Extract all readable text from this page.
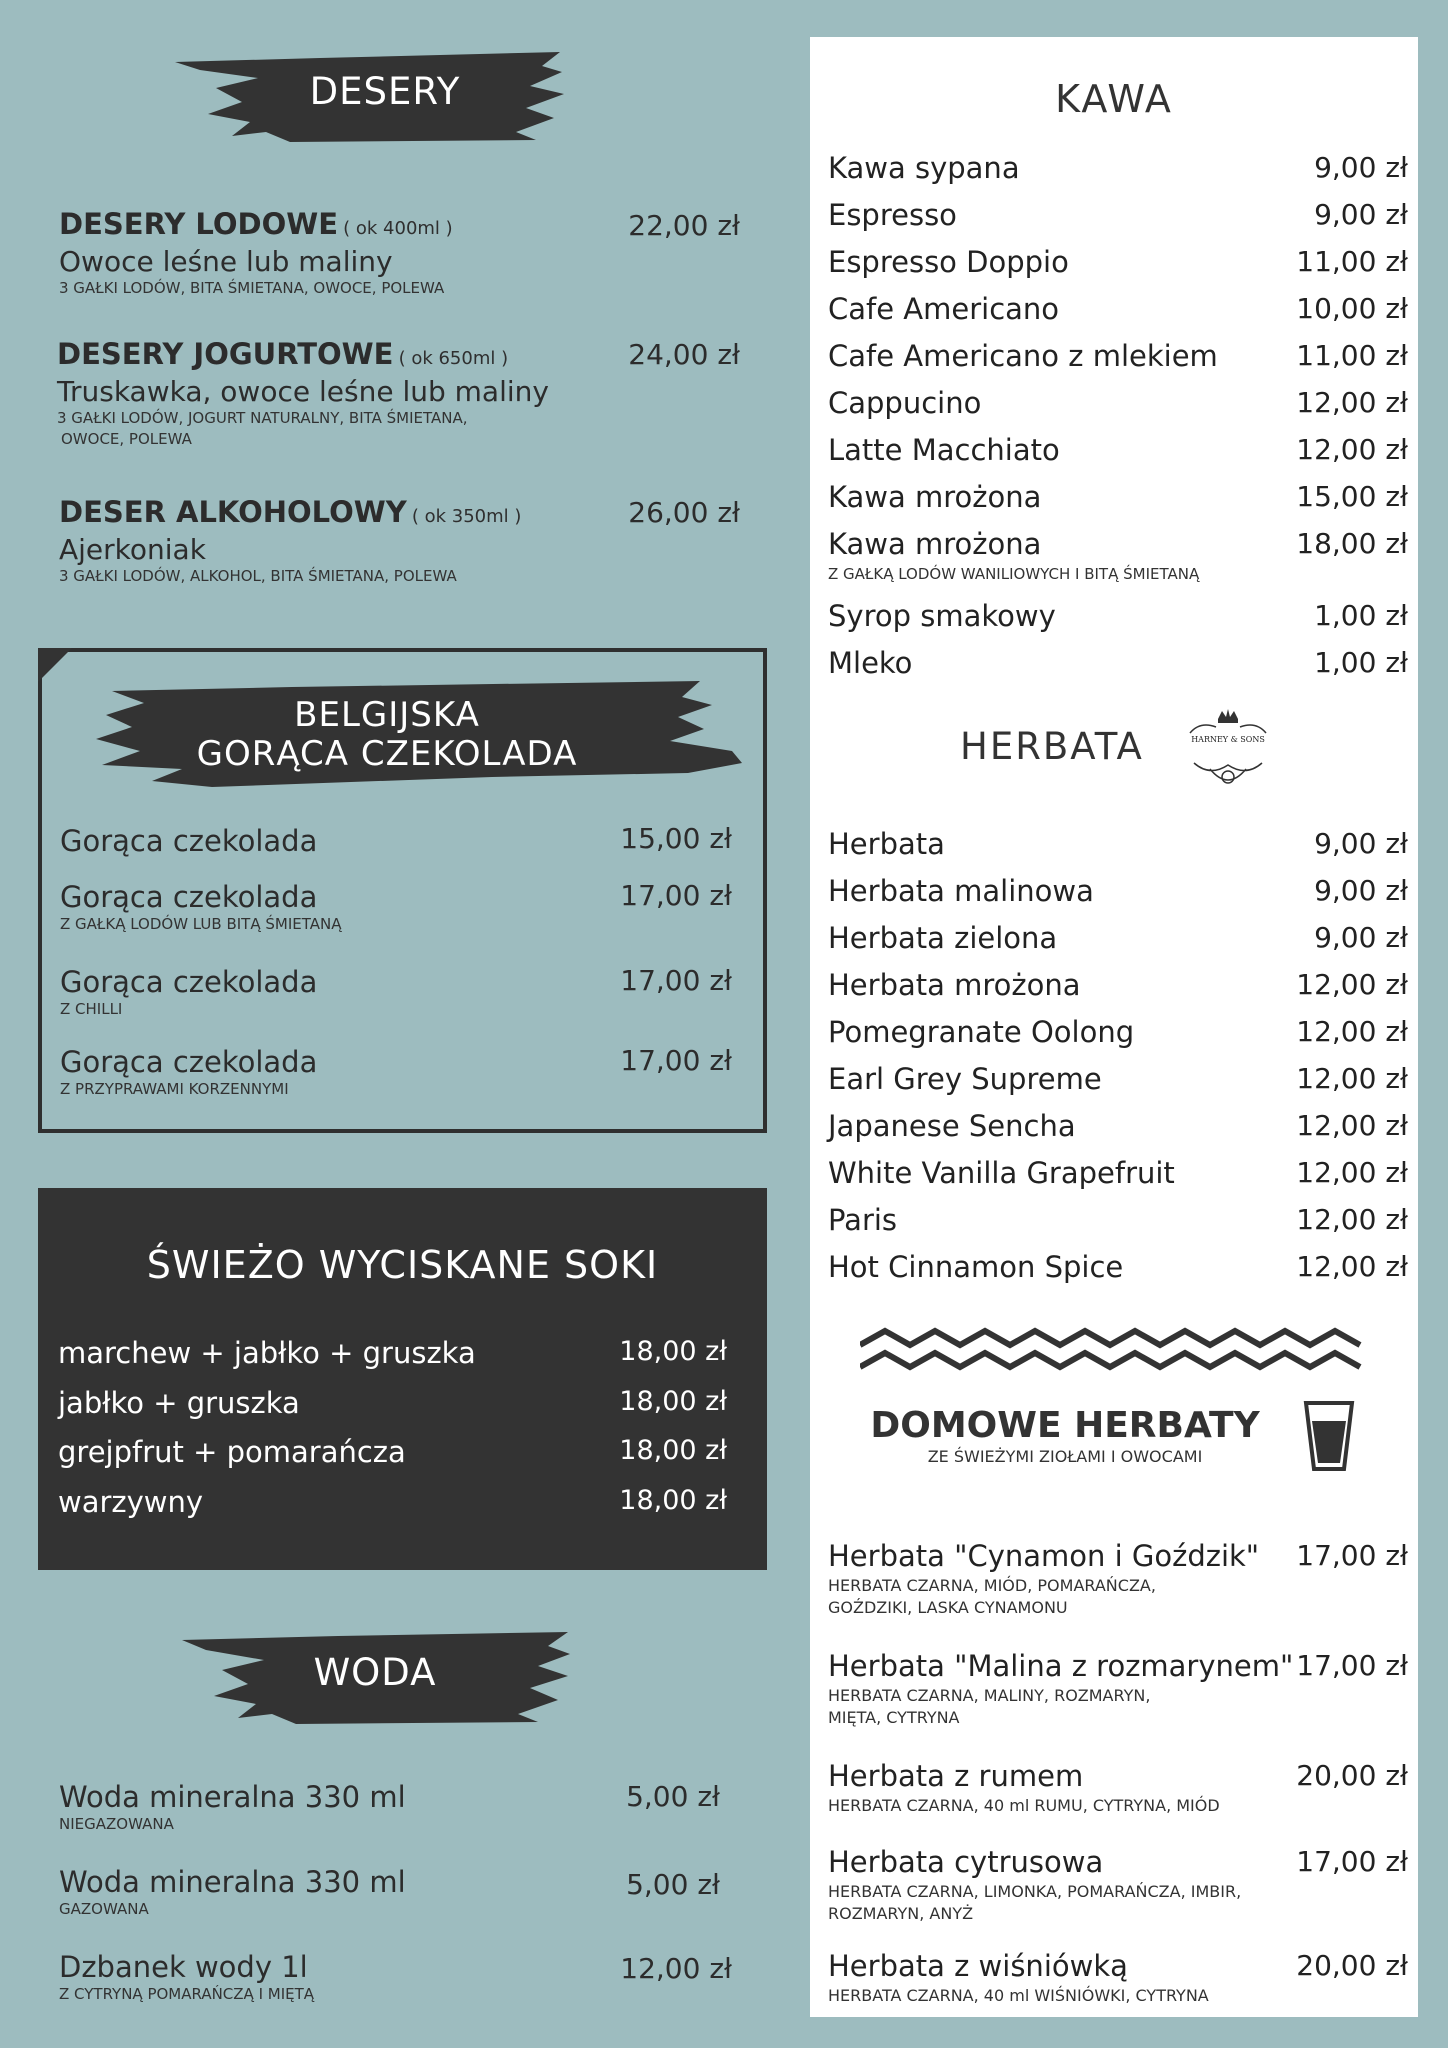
DESERY
DESERY LODOWE ( ok 400ml )
Owoce leśne lub maliny
3 GAŁKI LODÓW, BITA ŚMIETANA, OWOCE, POLEWA
22,00 zł
DESERY JOGURTOWE ( ok 650ml )
Truskawka, owoce leśne lub maliny
3 GAŁKI LODÓW, JOGURT NATURALNY, BITA ŚMIETANA,
OWOCE, POLEWA
24,00 zł
DESER ALKOHOLOWY ( ok 350ml )
Ajerkoniak
3 GAŁKI LODÓW, ALKOHOL, BITA ŚMIETANA, POLEWA
26,00 zł
BELGIJSKA
GORĄCA CZEKOLADA
Gorąca czekolada	15,00 zł
Gorąca czekolada
Z GAŁKĄ LODÓW LUB BITĄ ŚMIETANĄ
17,00 zł
Gorąca czekolada
Z CHILLI
17,00 zł
Gorąca czekolada
Z PRZYPRAWAMI KORZENNYMI
17,00 zł
ŚWIEŻO WYCISKANE SOKI
marchew + jabłko + gruszka	18,00 zł
jabłko + gruszka	18,00 zł
grejpfrut + pomarańcza	18,00 zł
warzywny	18,00 zł
WODA
Woda mineralna 330 ml
NIEGAZOWANA
5,00 zł
Woda mineralna 330 ml
GAZOWANA
5,00 zł
Dzbanek wody 1l
Z CYTRYNĄ POMARAŃCZĄ I MIĘTĄ
12,00 zł
KAWA
Kawa sypana	9,00 zł
Espresso	9,00 zł
Espresso Doppio	11,00 zł
Cafe Americano	10,00 zł
Cafe Americano z mlekiem	11,00 zł
Cappucino	12,00 zł
Latte Macchiato	12,00 zł
Kawa mrożona	15,00 zł
Kawa mrożona	18,00 zł
Z GAŁKĄ LODÓW WANILIOWYCH I BITĄ ŚMIETANĄ
Syrop smakowy	1,00 zł
Mleko	1,00 zł
HERBATA	HARNEY & SONS
Herbata	9,00 zł
Herbata malinowa	9,00 zł
Herbata zielona	9,00 zł
Herbata mrożona	12,00 zł
Pomegranate Oolong	12,00 zł
Earl Grey Supreme	12,00 zł
Japanese Sencha	12,00 zł
White Vanilla Grapefruit	12,00 zł
Paris	12,00 zł
Hot Cinnamon Spice	12,00 zł
DOMOWE HERBATY
ZE ŚWIEŻYMI ZIOŁAMI I OWOCAMI
Herbata "Cynamon i Goździk" 17,00 zł
HERBATA CZARNA, MIÓD, POMARAŃCZA,
GOŹDZIKI, LASKA CYNAMONU
Herbata "Malina z rozmarynem" 17,00 zł
HERBATA CZARNA, MALINY, ROZMARYN,
MIĘTA, CYTRYNA
Herbata z rumem	20,00 zł
HERBATA CZARNA, 40 ml RUMU, CYTRYNA, MIÓD
Herbata cytrusowa	17,00 zł
HERBATA CZARNA, LIMONKA, POMARAŃCZA, IMBIR,
ROZMARYN, ANYŻ
Herbata z wiśniówką	20,00 zł
HERBATA CZARNA, 40 ml WIŚNIÓWKI, CYTRYNA
